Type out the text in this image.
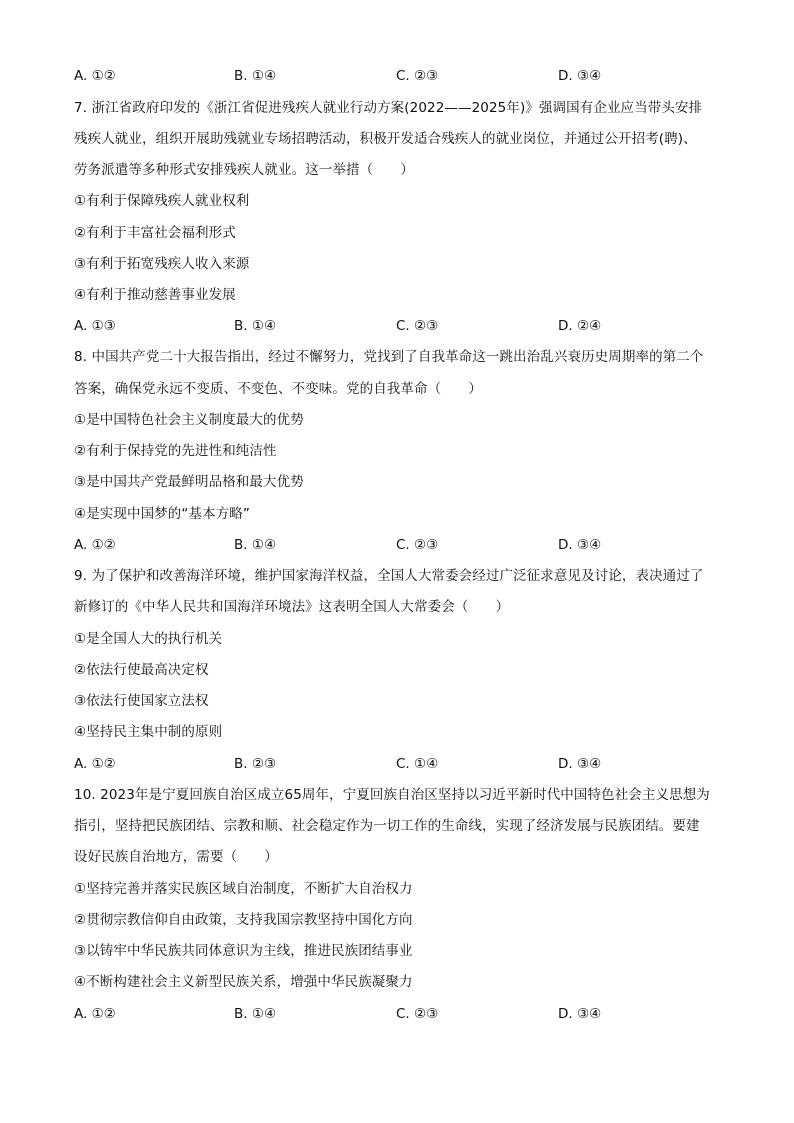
A. ①②	B. ①④	C. ②③	D. ③④
7. 浙江省政府印发的《浙江省促进残疾人就业行动方案(2022——2025年)》强调国有企业应当带头安排
残疾人就业，组织开展助残就业专场招聘活动，积极开发适合残疾人的就业岗位，并通过公开招考(聘)、
劳务派遣等多种形式安排残疾人就业。这一举措（　　）
①有利于保障残疾人就业权利
②有利于丰富社会福利形式
③有利于拓宽残疾人收入来源
④有利于推动慈善事业发展
A. ①③	B. ①④	C. ②③	D. ②④
8. 中国共产党二十大报告指出，经过不懈努力，党找到了自我革命这一跳出治乱兴衰历史周期率的第二个
答案，确保党永远不变质、不变色、不变味。党的自我革命（　　）
①是中国特色社会主义制度最大的优势
②有利于保持党的先进性和纯洁性
③是中国共产党最鲜明品格和最大优势
④是实现中国梦的“基本方略”
A. ①②	B. ①④	C. ②③	D. ③④
9. 为了保护和改善海洋环境，维护国家海洋权益，全国人大常委会经过广泛征求意见及讨论，表决通过了
新修订的《中华人民共和国海洋环境法》这表明全国人大常委会（　　）
①是全国人大的执行机关
②依法行使最高决定权
③依法行使国家立法权
④坚持民主集中制的原则
A. ①②	B. ②③	C. ①④	D. ③④
10. 2023年是宁夏回族自治区成立65周年，宁夏回族自治区坚持以习近平新时代中国特色社会主义思想为
指引，坚持把民族团结、宗教和顺、社会稳定作为一切工作的生命线，实现了经济发展与民族团结。要建
设好民族自治地方，需要（　　）
①坚持完善并落实民族区域自治制度，不断扩大自治权力
②贯彻宗教信仰自由政策，支持我国宗教坚持中国化方向
③以铸牢中华民族共同体意识为主线，推进民族团结事业
④不断构建社会主义新型民族关系，增强中华民族凝聚力
A. ①②	B. ①④	C. ②③	D. ③④
